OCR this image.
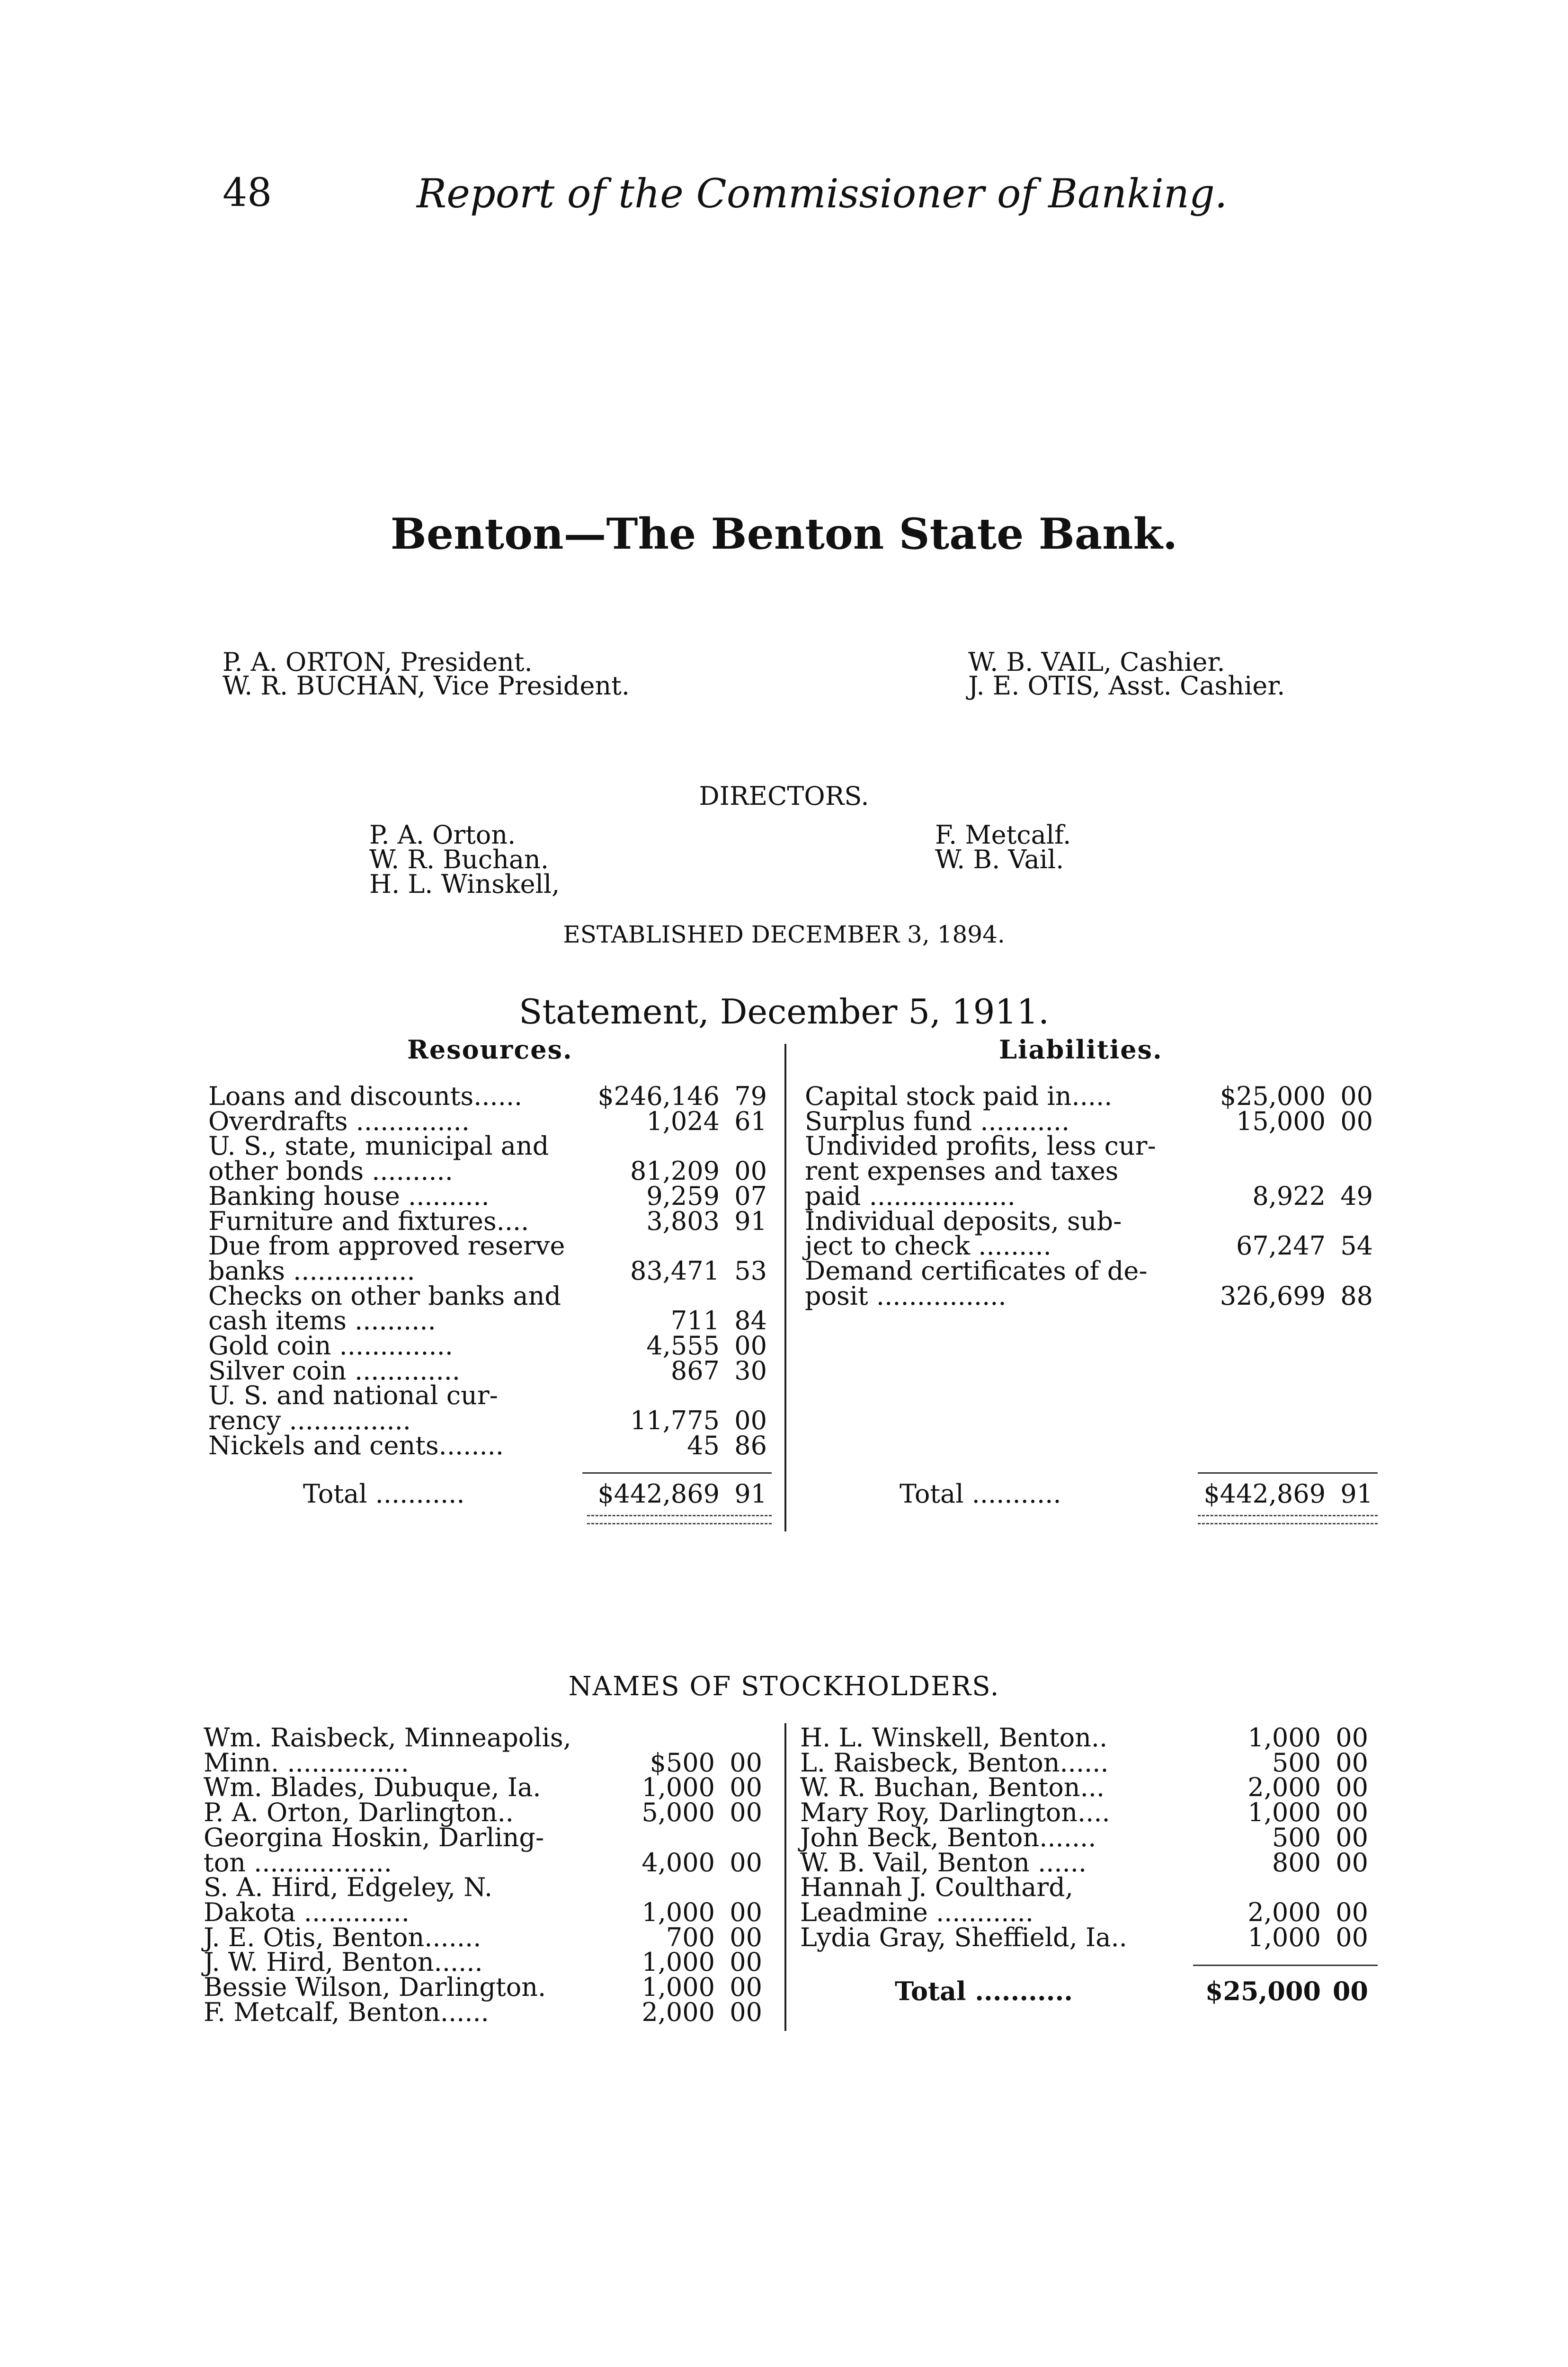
48	Report of the Commissioner of Banking.
Benton—The Benton State Bank.
P. A. ORTON, President.
W. R. BUCHAN, Vice President.
W. B. VAIL, Cashier.
J. E. OTIS, Asst. Cashier.
DIRECTORS.
P. A. Orton.
W. R. Buchan.
H. L. Winskell,
F. Metcalf.
W. B. Vail.
ESTABLISHED DECEMBER 3, 1894.
Statement, December 5, 1911.
Resources.	Liabilities.
Loans and discounts......	$246,146 79
Overdrafts ..............	1,024 61
U. S., state, municipal and
other bonds ..........	81,209 00
Banking house ..........	9,259 07
Furniture and fixtures....	3,803 91
Due from approved reserve
banks ...............	83,471 53
Checks on other banks and
cash items ..........	711 84
Gold coin ..............	4,555 00
Silver coin .............	867 30
U. S. and national cur-
rency ...............	11,775 00
Nickels and cents........	45 86
Total ...........	$442,869 91
Capital stock paid in.....	$25,000 00
Surplus fund ...........	15,000 00
Undivided profits, less cur-
rent expenses and taxes
paid ..................	8,922 49
Individual deposits, sub-
ject to check .........	67,247 54
Demand certificates of de-
posit ................	326,699 88
Total ...........	$442,869 91
NAMES OF STOCKHOLDERS.
Wm. Raisbeck, Minneapolis,
Minn. ...............	$500 00
Wm. Blades, Dubuque, Ia.	1,000 00
P. A. Orton, Darlington..	5,000 00
Georgina Hoskin, Darling-
ton .................	4,000 00
S. A. Hird, Edgeley, N.
Dakota .............	1,000 00
J. E. Otis, Benton.......	700 00
J. W. Hird, Benton......	1,000 00
Bessie Wilson, Darlington.	1,000 00
F. Metcalf, Benton......	2,000 00
H. L. Winskell, Benton..	1,000 00
L. Raisbeck, Benton......	500 00
W. R. Buchan, Benton...	2,000 00
Mary Roy, Darlington....	1,000 00
John Beck, Benton.......	500 00
W. B. Vail, Benton ......	800 00
Hannah J. Coulthard,
Leadmine ............	2,000 00
Lydia Gray, Sheffield, Ia..	1,000 00
Total ...........	$25,000 00
